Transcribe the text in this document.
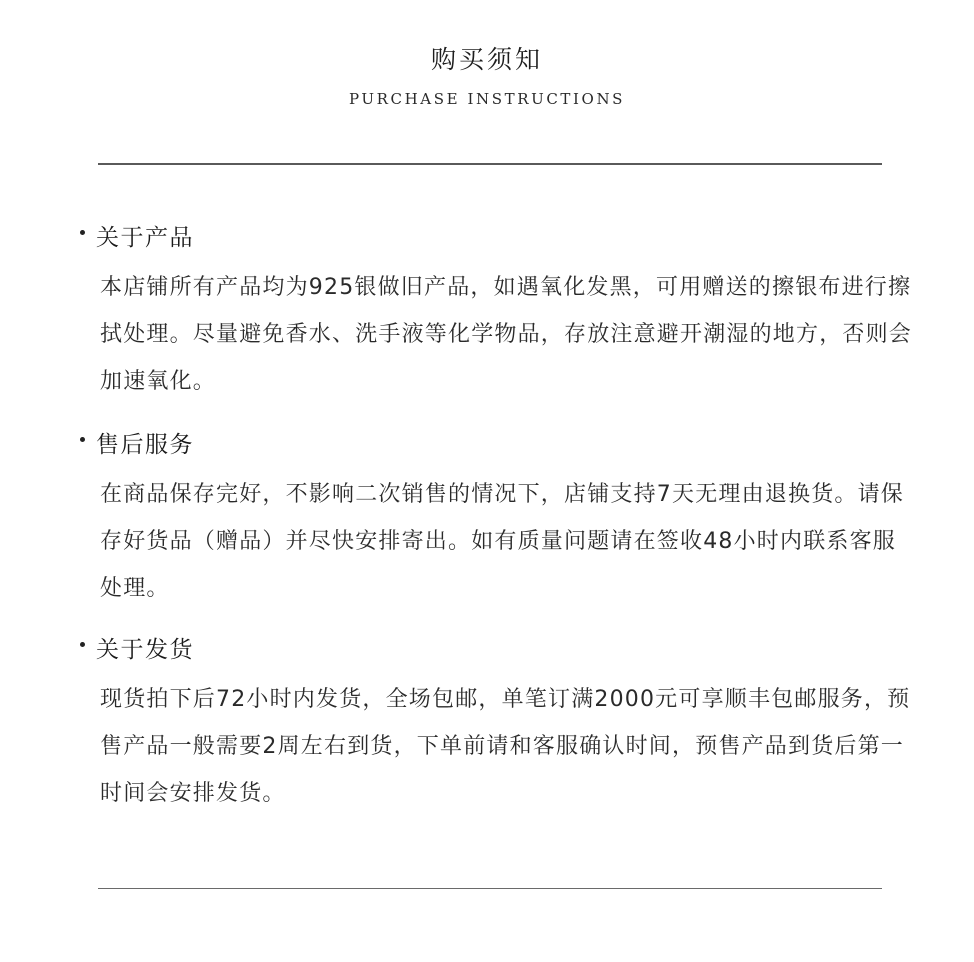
购买须知
PURCHASE INSTRUCTIONS
关于产品
本店铺所有产品均为925银做旧产品，如遇氧化发黑，可用赠送的擦银布进行擦拭处理。尽量避免香水、洗手液等化学物品，存放注意避开潮湿的地方，否则会加速氧化。
售后服务
在商品保存完好，不影响二次销售的情况下，店铺支持7天无理由退换货。请保存好货品（赠品）并尽快安排寄出。如有质量问题请在签收48小时内联系客服处理。
关于发货
现货拍下后72小时内发货，全场包邮，单笔订满2000元可享顺丰包邮服务，预售产品一般需要2周左右到货，下单前请和客服确认时间，预售产品到货后第一时间会安排发货。
